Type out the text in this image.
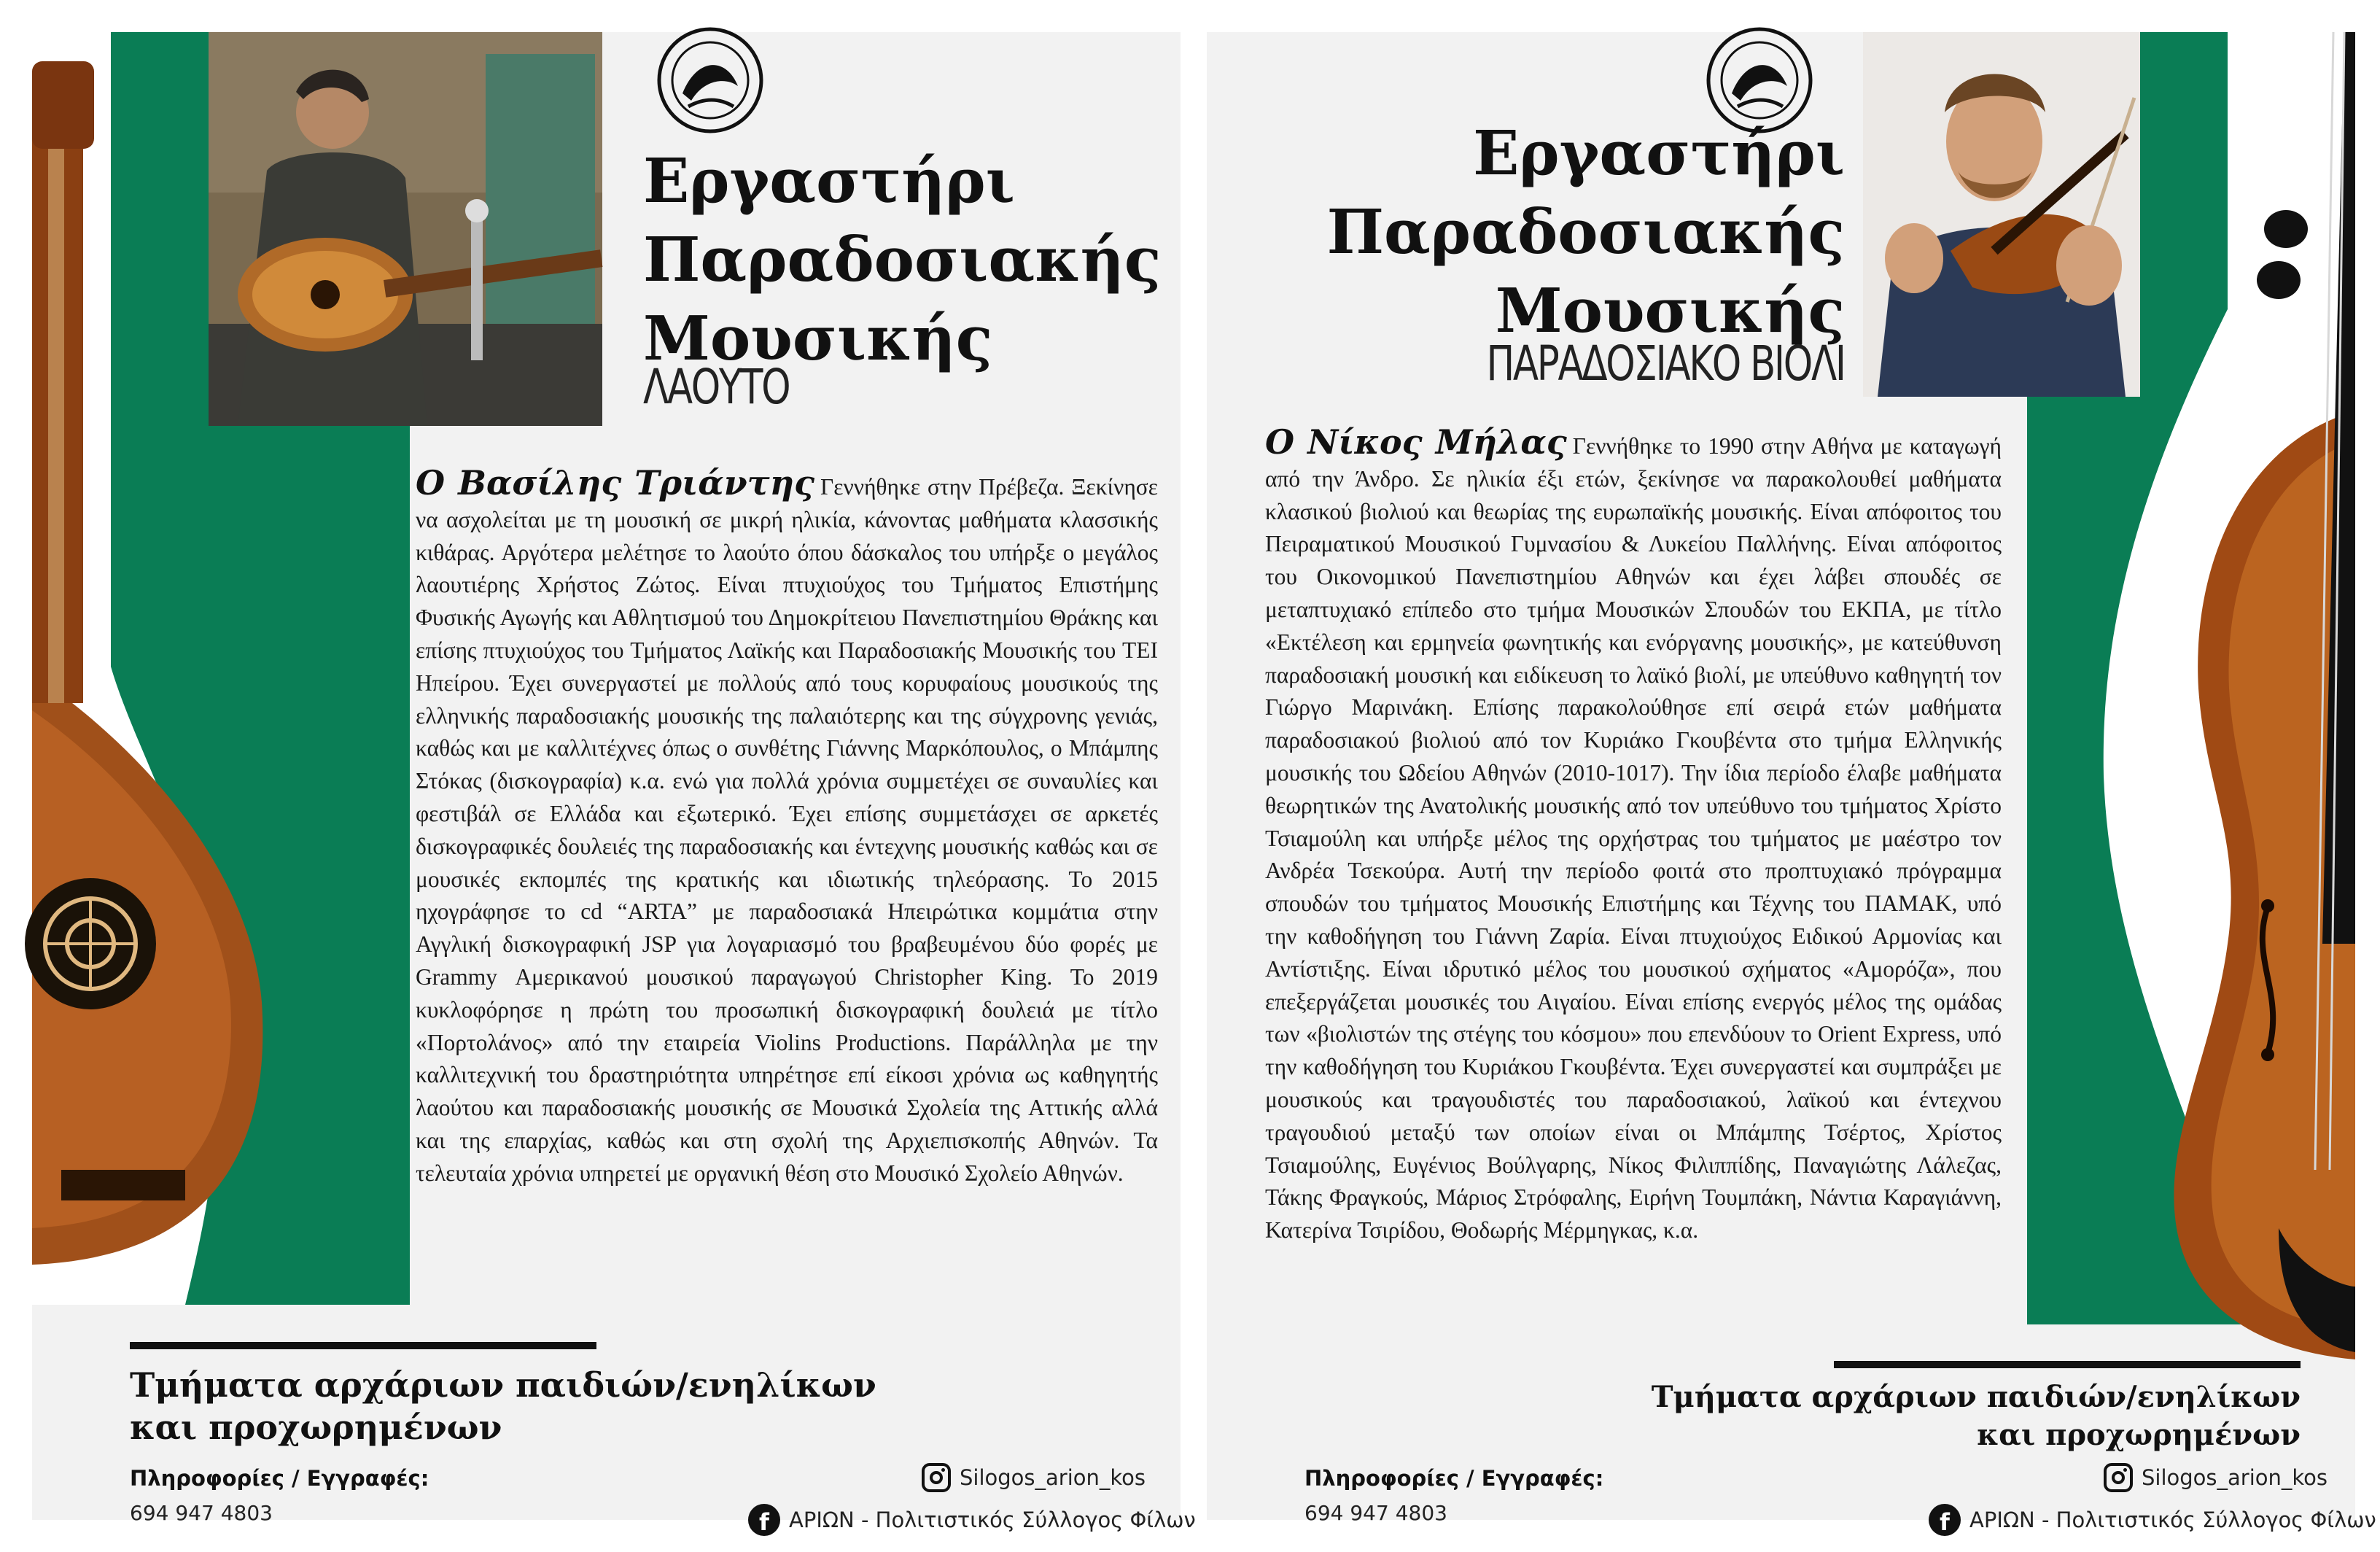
Εργαστήρι
Παραδοσιακής
Μουσικής
ΛΑΟΥΤΟ

Ο Βασίλης Τριάντης Γεννήθηκε στην Πρέβεζα. Ξεκίνησε να ασχολείται με τη μουσική σε μικρή ηλικία, κάνοντας μαθήματα κλασσικής κιθάρας. Αργότερα μελέτησε το λαούτο όπου δάσκαλος του υπήρξε ο μεγάλος λαουτιέρης Χρήστος Ζώτος. Είναι πτυχιούχος του Τμήματος Επιστήμης Φυσικής Αγωγής και Αθλητισμού του Δημοκρίτειου Πανεπιστημίου Θράκης και επίσης πτυχιούχος του Τμήματος Λαϊκής και Παραδοσιακής Μουσικής του ΤΕΙ Ηπείρου. Έχει συνεργαστεί με πολλούς από τους κορυφαίους μουσικούς της ελληνικής παραδοσιακής μουσικής της παλαιότερης και της σύγχρονης γενιάς, καθώς και με καλλιτέχνες όπως ο συνθέτης Γιάννης Μαρκόπουλος, ο Μπάμπης Στόκας (δισκογραφία) κ.α. ενώ για πολλά χρόνια συμμετέχει σε συναυλίες και φεστιβάλ σε Ελλάδα και εξωτερικό. Έχει επίσης συμμετάσχει σε αρκετές δισκογραφικές δουλειές της παραδοσιακής και έντεχνης μουσικής καθώς και σε μουσικές εκπομπές της κρατικής και ιδιωτικής τηλεόρασης. Το 2015 ηχογράφησε το cd “ARTA” με παραδοσιακά Ηπειρώτικα κομμάτια στην Αγγλική δισκογραφική JSP για λογαριασμό του βραβευμένου δύο φορές με Grammy Αμερικανού μουσικού παραγωγού Christopher King. Το 2019 κυκλοφόρησε η πρώτη του προσωπική δισκογραφική δουλειά με τίτλο «Πορτολάνος» από την εταιρεία Violins Productions. Παράλληλα με την καλλιτεχνική του δραστηριότητα υπηρέτησε επί είκοσι χρόνια ως καθηγητής λαούτου και παραδοσιακής μουσικής σε Μουσικά Σχολεία της Αττικής αλλά και της επαρχίας, καθώς και στη σχολή της Αρχιεπισκοπής Αθηνών. Τα τελευταία χρόνια υπηρετεί με οργανική θέση στο Μουσικό Σχολείο Αθηνών.

Τμήματα αρχάριων παιδιών/ενηλίκων
και προχωρημένων

Πληροφορίες / Εγγραφές:

694 947 4803

Silogos_arion_kos
f ΑΡΙΩΝ - Πολιτιστικός Σύλλογος Φίλων
Εργαστήρι
Παραδοσιακής
Μουσικής
ΠΑΡΑΔΟΣΙΑΚΟ ΒΙΟΛΙ

Ο Νίκος Μήλας Γεννήθηκε το 1990 στην Αθήνα με καταγωγή από την Άνδρο. Σε ηλικία έξι ετών, ξεκίνησε να παρακολουθεί μαθήματα κλασικού βιολιού και θεωρίας της ευρωπαϊκής μουσικής. Είναι απόφοιτος του Πειραματικού Μουσικού Γυμνασίου & Λυκείου Παλλήνης. Είναι απόφοιτος του Οικονομικού Πανεπιστημίου Αθηνών και έχει λάβει σπουδές σε μεταπτυχιακό επίπεδο στο τμήμα Μουσικών Σπουδών του ΕΚΠΑ, με τίτλο «Εκτέλεση και ερμηνεία φωνητικής και ενόργανης μουσικής», με κατεύθυνση παραδοσιακή μουσική και ειδίκευση το λαϊκό βιολί, με υπεύθυνο καθηγητή τον Γιώργο Μαρινάκη. Επίσης παρακολούθησε επί σειρά ετών μαθήματα παραδοσιακού βιολιού από τον Κυριάκο Γκουβέντα στο τμήμα Ελληνικής μουσικής του Ωδείου Αθηνών (2010-1017). Την ίδια περίοδο έλαβε μαθήματα θεωρητικών της Ανατολικής μουσικής από τον υπεύθυνο του τμήματος Χρίστο Τσιαμούλη και υπήρξε μέλος της ορχήστρας του τμήματος με μαέστρο τον Ανδρέα Τσεκούρα. Αυτή την περίοδο φοιτά στο προπτυχιακό πρόγραμμα σπουδών του τμήματος Μουσικής Επιστήμης και Τέχνης του ΠΑΜΑΚ, υπό την καθοδήγηση του Γιάννη Ζαρία. Είναι πτυχιούχος Ειδικού Αρμονίας και Αντίστιξης. Είναι ιδρυτικό μέλος του μουσικού σχήματος «Αμορόζα», που επεξεργάζεται μουσικές του Αιγαίου. Είναι επίσης ενεργός μέλος της ομάδας των «βιολιστών της στέγης του κόσμου» που επενδύουν το Orient Express, υπό την καθοδήγηση του Κυριάκου Γκουβέντα. Έχει συνεργαστεί και συμπράξει με μουσικούς και τραγουδιστές του παραδοσιακού, λαϊκού και έντεχνου τραγουδιού μεταξύ των οποίων είναι οι Μπάμπης Τσέρτος, Χρίστος Τσιαμούλης, Ευγένιος Βούλγαρης, Νίκος Φιλιππίδης, Παναγιώτης Λάλεζας, Τάκης Φραγκούς, Μάριος Στρόφαλης, Ειρήνη Τουμπάκη, Νάντια Καραγιάννη, Κατερίνα Τσιρίδου, Θοδωρής Μέρμηγκας, κ.α.

Τμήματα αρχάριων παιδιών/ενηλίκων
και προχωρημένων

Πληροφορίες / Εγγραφές:

694 947 4803

Silogos_arion_kos
f ΑΡΙΩΝ - Πολιτιστικός Σύλλογος Φίλων
